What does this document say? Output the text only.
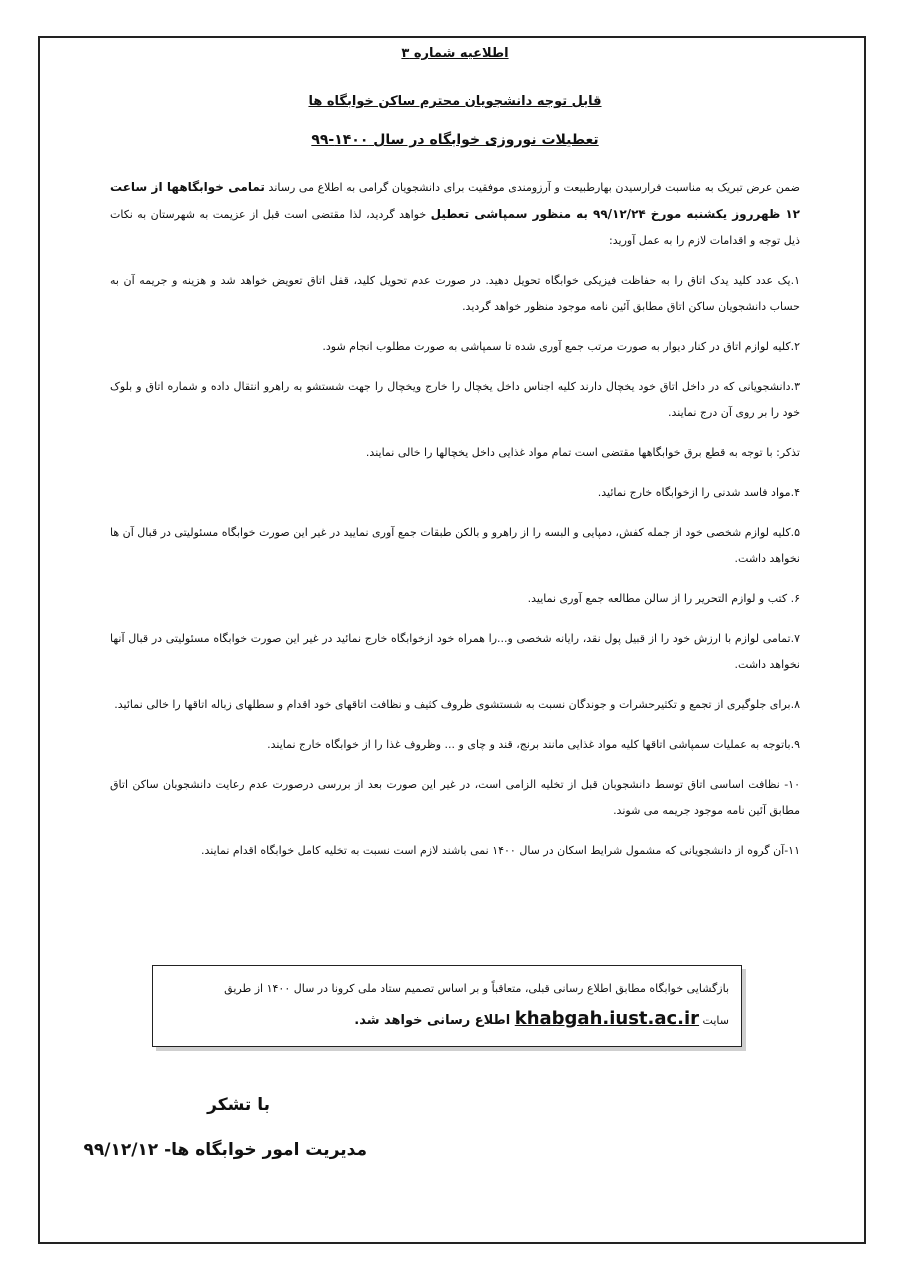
اطلاعیه شماره ۳

قابل توجه دانشجویان محترم ساکن خوابگاه ها

تعطیلات نوروزی خوابگاه در سال ۱۴۰۰-۹۹

ضمن عرض تبریک به مناسبت فرارسیدن بهارطبیعت و آرزومندی موفقیت برای دانشجویان گرامی به اطلاع می رساند تمامی خوابگاهها از ساعت ۱۲ ظهرروز یکشنبه مورخ ۹۹/۱۲/۲۴ به منظور سمپاشی تعطیل خواهد گردید، لذا مقتضی است قبل از عزیمت به شهرستان به نکات ذیل توجه و اقدامات لازم را به عمل آورید:

۱.یک عدد کلید یدک اتاق را به حفاظت فیزیکی خوابگاه تحویل دهید. در صورت عدم تحویل کلید، قفل اتاق تعویض خواهد شد و هزینه و جریمه آن به حساب دانشجویان ساکن اتاق مطابق آئین نامه موجود منظور خواهد گردید.

۲.کلیه لوازم اتاق در کنار دیوار به صورت مرتب جمع آوری شده تا سمپاشی به صورت مطلوب انجام شود.

۳.دانشجویانی که در داخل اتاق خود یخچال دارند کلیه اجناس داخل یخچال را خارج ویخچال را جهت شستشو به راهرو انتقال داده و شماره اتاق و بلوک خود را بر روی آن درج نمایند.

تذکر: با توجه به قطع برق خوابگاهها مقتضی است تمام مواد غذایی داخل یخچالها را خالی نمایند.

۴.مواد فاسد شدنی را ازخوابگاه خارج نمائید.

۵.کلیه لوازم شخصی خود از جمله کفش، دمپایی و البسه را از راهرو و بالکن طبقات جمع آوری نمایید در غیر این صورت خوابگاه مسئولیتی در قبال آن ها نخواهد داشت.

۶. کتب و لوازم التحریر را از سالن مطالعه جمع آوری نمایید.

۷.تمامی لوازم با ارزش خود را از قبیل پول نقد، رایانه شخصی و...را همراه خود ازخوابگاه خارج نمائید در غیر این صورت خوابگاه مسئولیتی در قبال آنها نخواهد داشت.

۸.برای جلوگیری از تجمع و تکثیرحشرات و جوندگان نسبت به شستشوی ظروف کثیف و نظافت اتاقهای خود اقدام و سطلهای زباله اتاقها را خالی نمائید.

۹.باتوجه به عملیات سمپاشی اتاقها کلیه مواد غذایی مانند برنج، قند و چای و ... وظروف غذا را از خوابگاه خارج نمایند.

۱۰- نظافت اساسی اتاق توسط دانشجوبان قبل از تخلیه الزامی است، در غیر این صورت بعد از بررسی درصورت عدم رعایت دانشجوبان ساکن اتاق مطابق آئین نامه موجود جریمه می شوند.

۱۱-آن گروه از دانشجویانی که مشمول شرایط اسکان در سال ۱۴۰۰ نمی باشند لازم است نسبت به تخلیه کامل خوابگاه اقدام نمایند.

بازگشایی خوابگاه مطابق اطلاع رسانی قبلی، متعاقباً و بر اساس تصمیم ستاد ملی کرونا در سال ۱۴۰۰ از طریق
سایت khabgah.iust.ac.ir اطلاع رسانی خواهد شد.
با تشکر
مدیریت امور خوابگاه ها- ۹۹/۱۲/۱۲
